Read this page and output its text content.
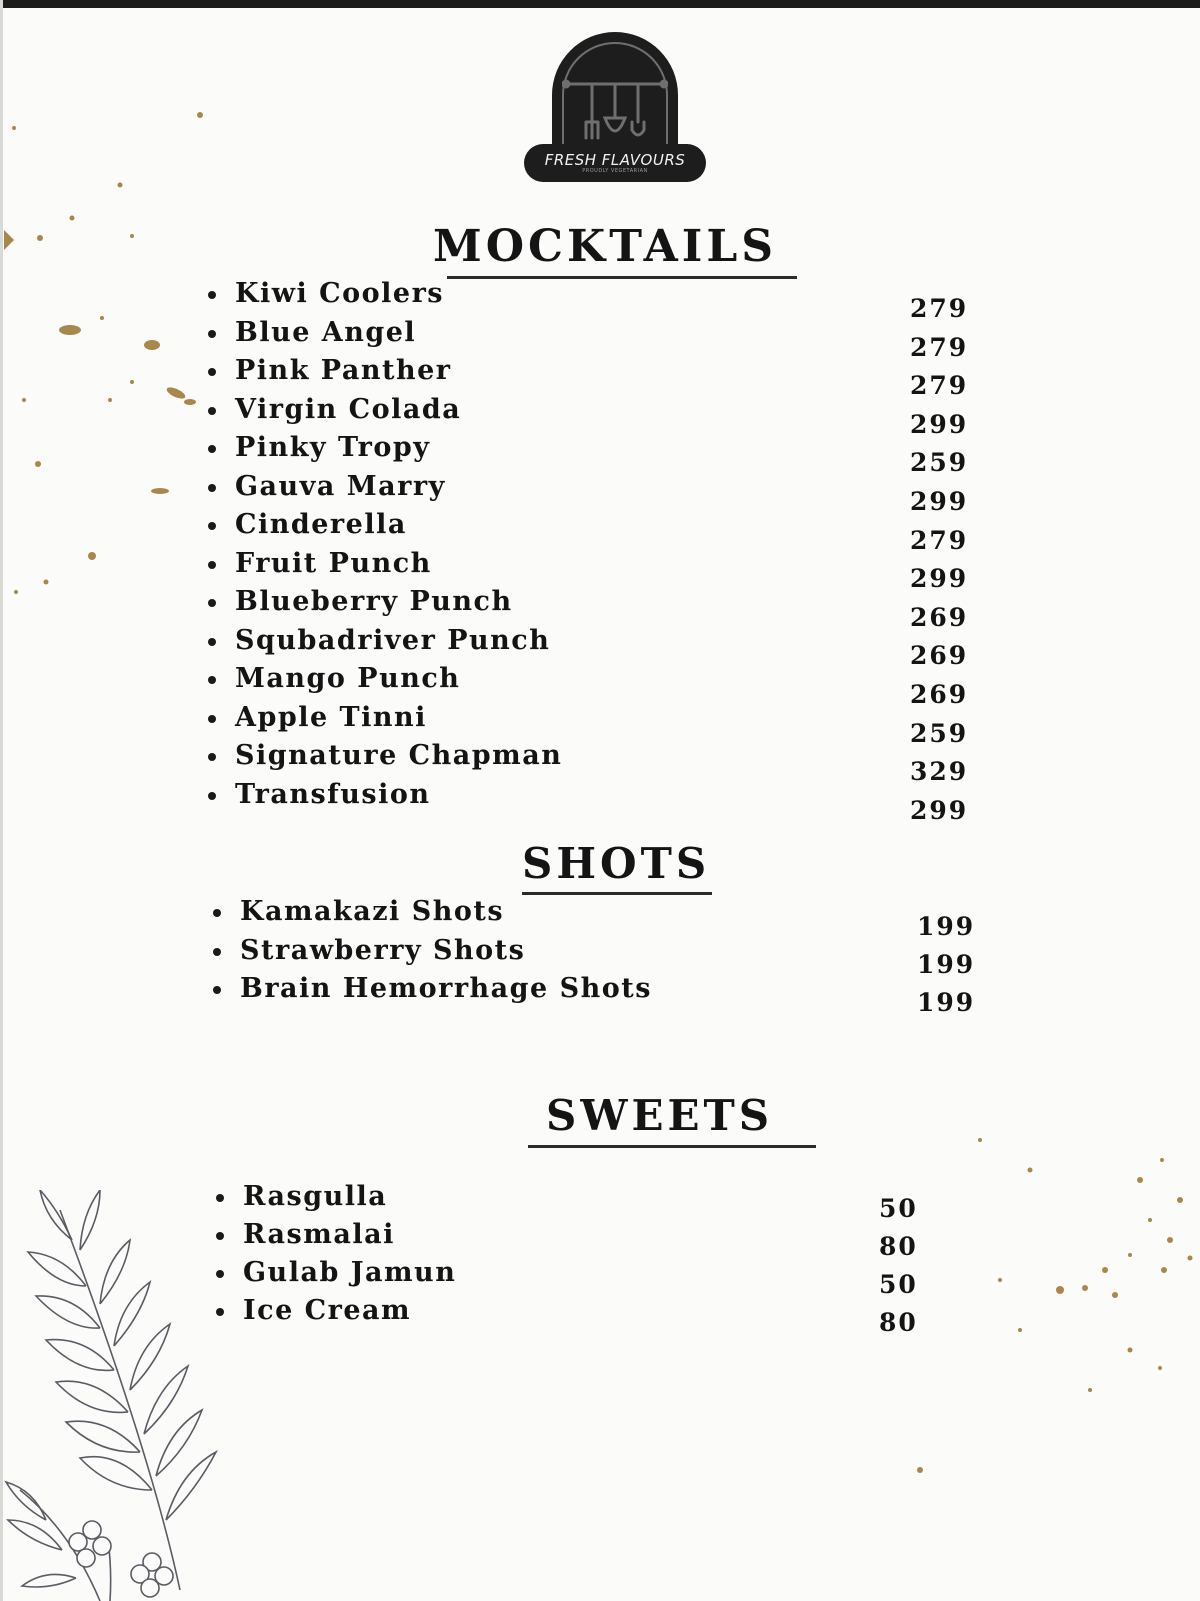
FRESH FLAVOURS
PROUDLY VEGETARIAN
MOCKTAILS
Kiwi Coolers
Blue Angel
Pink Panther
Virgin Colada
Pinky Tropy
Gauva Marry
Cinderella
Fruit Punch
Blueberry Punch
Squbadriver Punch
Mango Punch
Apple Tinni
Signature Chapman
Transfusion
279
279
279
299
259
299
279
299
269
269
269
259
329
299
SHOTS
Kamakazi Shots
Strawberry Shots
Brain Hemorrhage Shots
199
199
199
SWEETS
Rasgulla
Rasmalai
Gulab Jamun
Ice Cream
50
80
50
80
